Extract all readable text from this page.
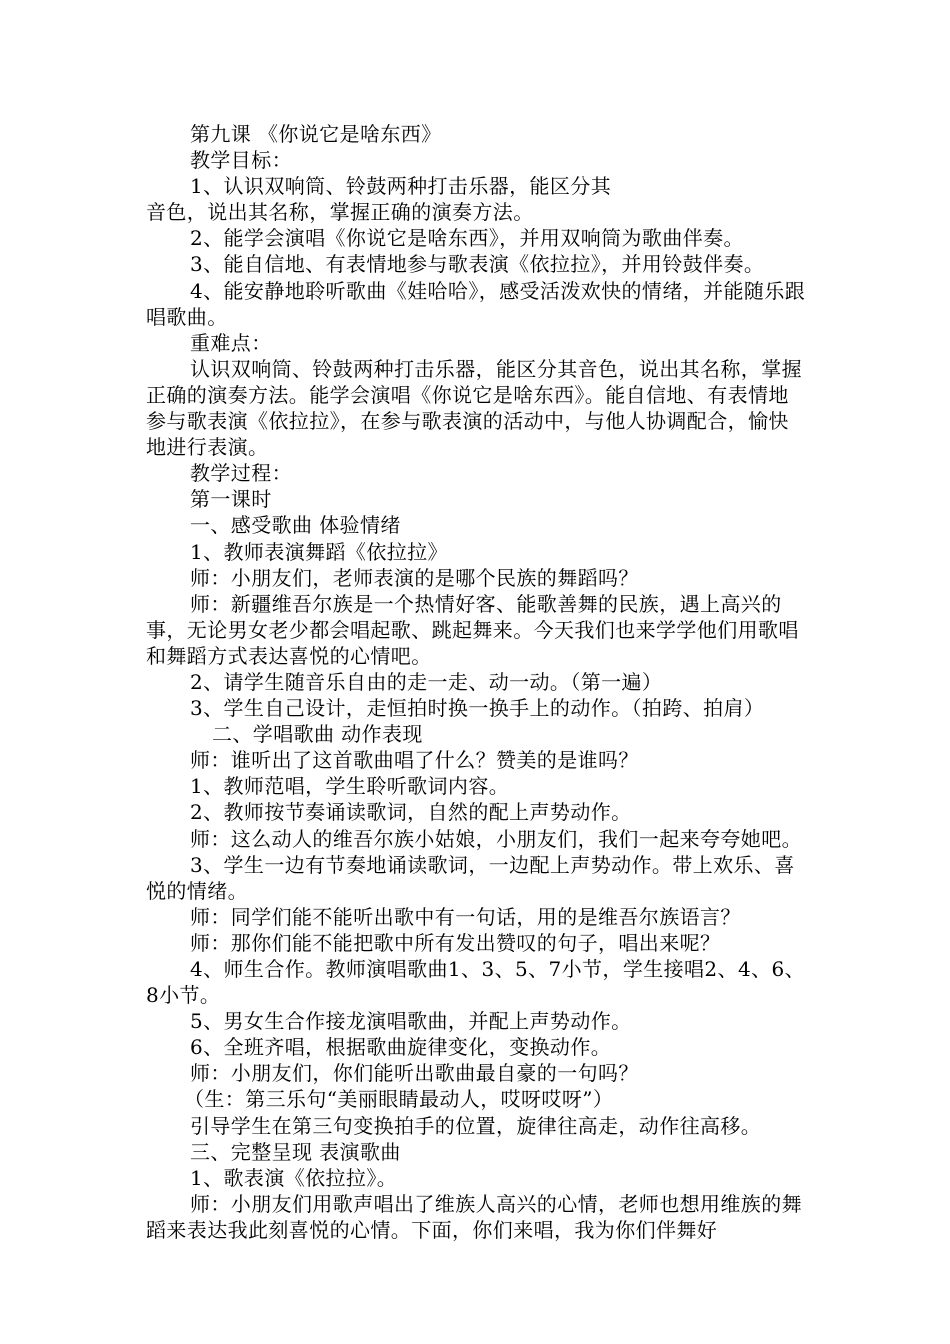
第九课 《你说它是啥东西》

教学目标：

1、认识双响筒、铃鼓两种打击乐器，能区分其

音色，说出其名称，掌握正确的演奏方法。

2、能学会演唱《你说它是啥东西》，并用双响筒为歌曲伴奏。

3、能自信地、有表情地参与歌表演《依拉拉》，并用铃鼓伴奏。

4、能安静地聆听歌曲《娃哈哈》，感受活泼欢快的情绪，并能随乐跟唱歌曲。

重难点：

认识双响筒、铃鼓两种打击乐器，能区分其音色，说出其名称，掌握正确的演奏方法。能学会演唱《你说它是啥东西》。能自信地、有表情地参与歌表演《依拉拉》，在参与歌表演的活动中，与他人协调配合，愉快地进行表演。

教学过程：

第一课时

一、感受歌曲 体验情绪

1、教师表演舞蹈《依拉拉》

师：小朋友们，老师表演的是哪个民族的舞蹈吗？

师：新疆维吾尔族是一个热情好客、能歌善舞的民族，遇上高兴的事，无论男女老少都会唱起歌、跳起舞来。今天我们也来学学他们用歌唱和舞蹈方式表达喜悦的心情吧。

2、请学生随音乐自由的走一走、动一动。（第一遍）

3、学生自己设计，走恒拍时换一换手上的动作。（拍跨、拍肩）

二、学唱歌曲 动作表现

师：谁听出了这首歌曲唱了什么？赞美的是谁吗？

1、教师范唱，学生聆听歌词内容。

2、教师按节奏诵读歌词，自然的配上声势动作。

师：这么动人的维吾尔族小姑娘，小朋友们，我们一起来夸夸她吧。

3、学生一边有节奏地诵读歌词，一边配上声势动作。带上欢乐、喜悦的情绪。

师：同学们能不能听出歌中有一句话，用的是维吾尔族语言？

师：那你们能不能把歌中所有发出赞叹的句子，唱出来呢？

4、师生合作。教师演唱歌曲1、3、5、7小节，学生接唱2、4、6、8小节。

5、男女生合作接龙演唱歌曲，并配上声势动作。

6、全班齐唱，根据歌曲旋律变化，变换动作。

师：小朋友们，你们能听出歌曲最自豪的一句吗？

（生：第三乐句“美丽眼睛最动人，哎呀哎呀”）

引导学生在第三句变换拍手的位置，旋律往高走，动作往高移。

三、完整呈现 表演歌曲

1、歌表演《依拉拉》。

师：小朋友们用歌声唱出了维族人高兴的心情，老师也想用维族的舞蹈来表达我此刻喜悦的心情。下面，你们来唱，我为你们伴舞好
